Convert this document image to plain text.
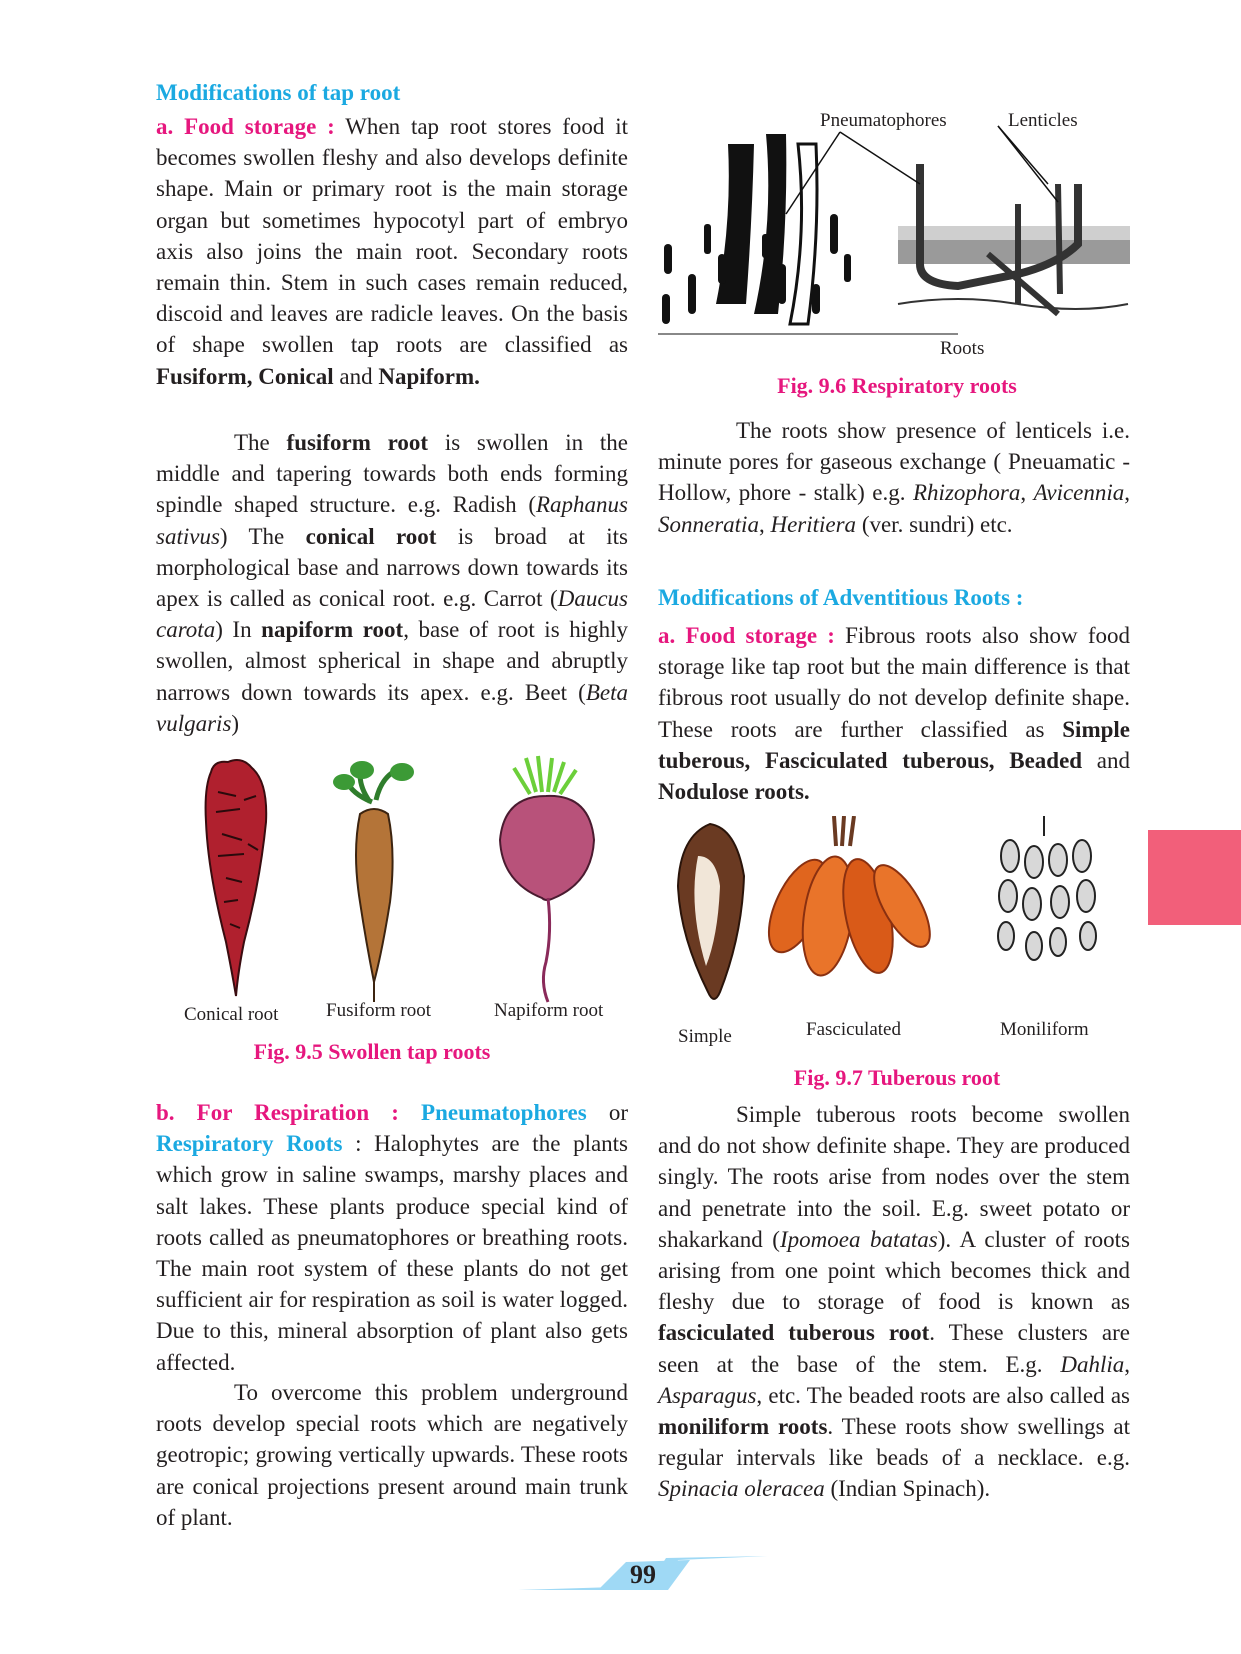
Modifications of tap root

a. Food storage : When tap root stores food it becomes swollen fleshy and also develops definite shape. Main or primary root is the main storage organ but sometimes hypocotyl part of embryo axis also joins the main root. Secondary roots remain thin. Stem in such cases remain reduced, discoid and leaves are radicle leaves. On the basis of shape swollen tap roots are classified as Fusiform, Conical and Napiform.

The fusiform root is swollen in the middle and tapering towards both ends forming spindle shaped structure. e.g. Radish (Raphanus sativus) The conical root is broad at its morphological base and narrows down towards its apex is called as conical root. e.g. Carrot (Daucus carota) In napiform root, base of root is highly swollen, almost spherical in shape and abruptly narrows down towards its apex. e.g. Beet (Beta vulgaris)

Conical root	Fusiform root	Napiform root
Fig. 9.5 Swollen tap roots

b. For Respiration : Pneumatophores or Respiratory Roots : Halophytes are the plants which grow in saline swamps, marshy places and salt lakes. These plants produce special kind of roots called as pneumatophores or breathing roots. The main root system of these plants do not get sufficient air for respiration as soil is water logged. Due to this, mineral absorption of plant also gets affected.

To overcome this problem underground roots develop special roots which are negatively geotropic; growing vertically upwards. These roots are conical projections present around main trunk of plant.

Pneumatophores	Lenticles
Roots
Fig. 9.6 Respiratory roots

The roots show presence of lenticels i.e. minute pores for gaseous exchange ( Pneuamatic - Hollow, phore - stalk) e.g. Rhizophora, Avicennia, Sonneratia, Heritiera (ver. sundri) etc.

Modifications of Adventitious Roots :

a. Food storage : Fibrous roots also show food storage like tap root but the main difference is that fibrous root usually do not develop definite shape. These roots are further classified as Simple tuberous, Fasciculated tuberous, Beaded and Nodulose roots.

Simple	Fasciculated	Moniliform
Fig. 9.7 Tuberous root

Simple tuberous roots become swollen and do not show definite shape. They are produced singly. The roots arise from nodes over the stem and penetrate into the soil. E.g. sweet potato or shakarkand (Ipomoea batatas). A cluster of roots arising from one point which becomes thick and fleshy due to storage of food is known as fasciculated tuberous root. These clusters are seen at the base of the stem. E.g. Dahlia, Asparagus, etc. The beaded roots are also called as moniliform roots. These roots show swellings at regular intervals like beads of a necklace. e.g. Spinacia oleracea (Indian Spinach).

99
